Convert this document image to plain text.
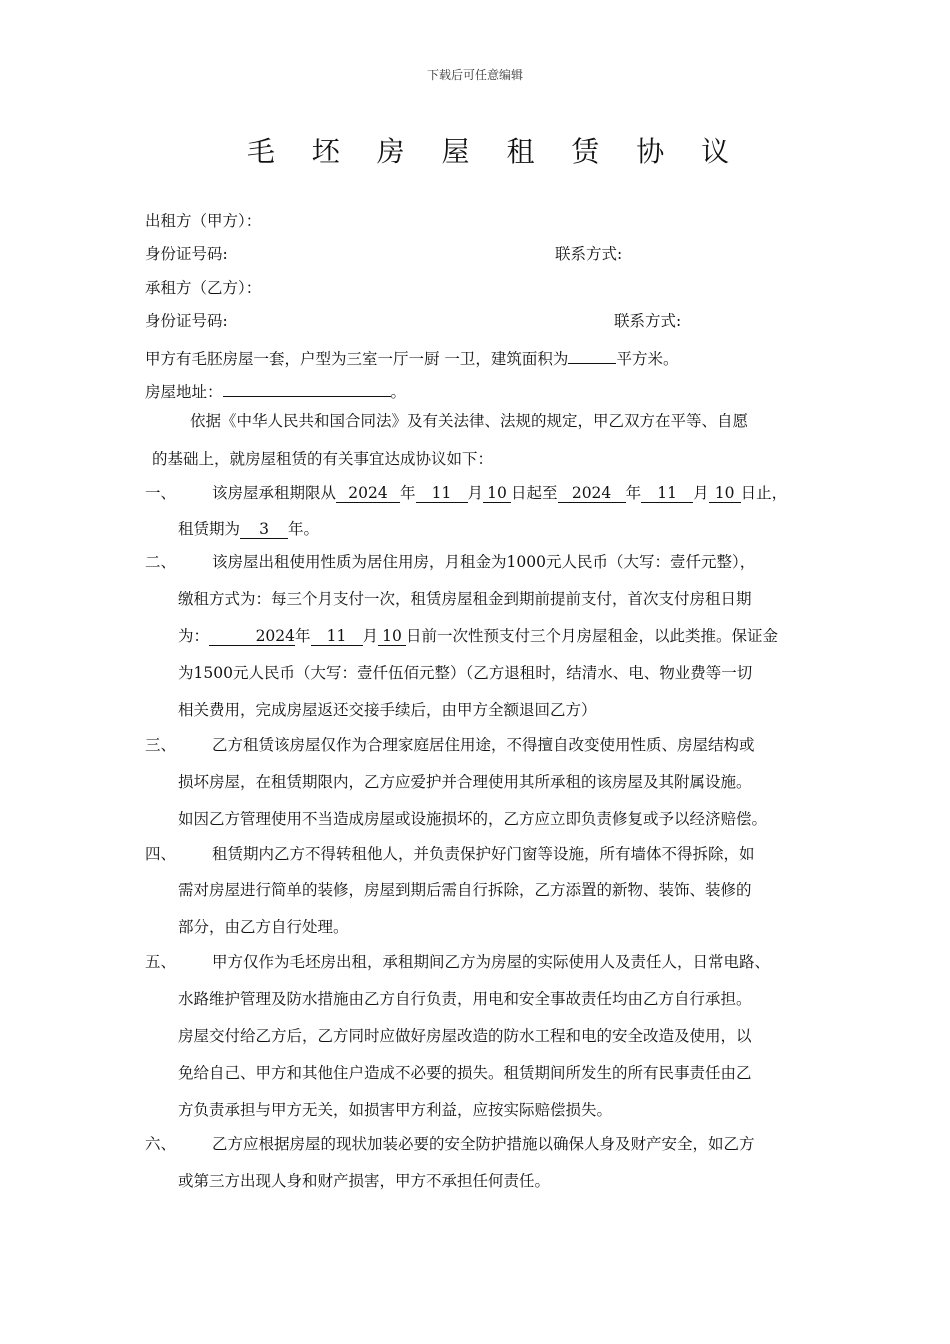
下载后可任意编辑
毛 坯 房 屋 租 赁 协 议
出租方（甲方）：
身份证号码:	联系方式:
承租方（乙方）：
身份证号码:	联系方式:
甲方有毛胚房屋一套，户型为三室一厅一厨 一卫，建筑面积为	平方米。
房屋地址：	。
依据《中华人民共和国合同法》及有关法律、法规的规定，甲乙双方在平等、自愿
的基础上，就房屋租赁的有关事宜达成协议如下：
一、 该房屋承租期限从 2024 年 11 月 10 日起至 2024 年 11 月 10 日止，
租赁期为 3 年。
二、 该房屋出租使用性质为居住用房，月租金为1000元人民币（大写：壹仟元整），
缴租方式为：每三个月支付一次，租赁房屋租金到期前提前支付，首次支付房租日期
为：	2024年 11 月 10 日前一次性预支付三个月房屋租金，以此类推。保证金
为1500元人民币（大写：壹仟伍佰元整）（乙方退租时，结清水、电、物业费等一切
相关费用，完成房屋返还交接手续后，由甲方全额退回乙方）
三、 乙方租赁该房屋仅作为合理家庭居住用途，不得擅自改变使用性质、房屋结构或
损坏房屋，在租赁期限内，乙方应爱护并合理使用其所承租的该房屋及其附属设施。
如因乙方管理使用不当造成房屋或设施损坏的，乙方应立即负责修复或予以经济赔偿。
四、 租赁期内乙方不得转租他人，并负责保护好门窗等设施，所有墙体不得拆除，如
需对房屋进行简单的装修，房屋到期后需自行拆除，乙方添置的新物、装饰、装修的
部分，由乙方自行处理。
五、 甲方仅作为毛坯房出租，承租期间乙方为房屋的实际使用人及责任人，日常电路、
水路维护管理及防水措施由乙方自行负责，用电和安全事故责任均由乙方自行承担。
房屋交付给乙方后，乙方同时应做好房屋改造的防水工程和电的安全改造及使用，以
免给自己、甲方和其他住户造成不必要的损失。租赁期间所发生的所有民事责任由乙
方负责承担与甲方无关，如损害甲方利益，应按实际赔偿损失。
六、 乙方应根据房屋的现状加装必要的安全防护措施以确保人身及财产安全，如乙方
或第三方出现人身和财产损害，甲方不承担任何责任。
